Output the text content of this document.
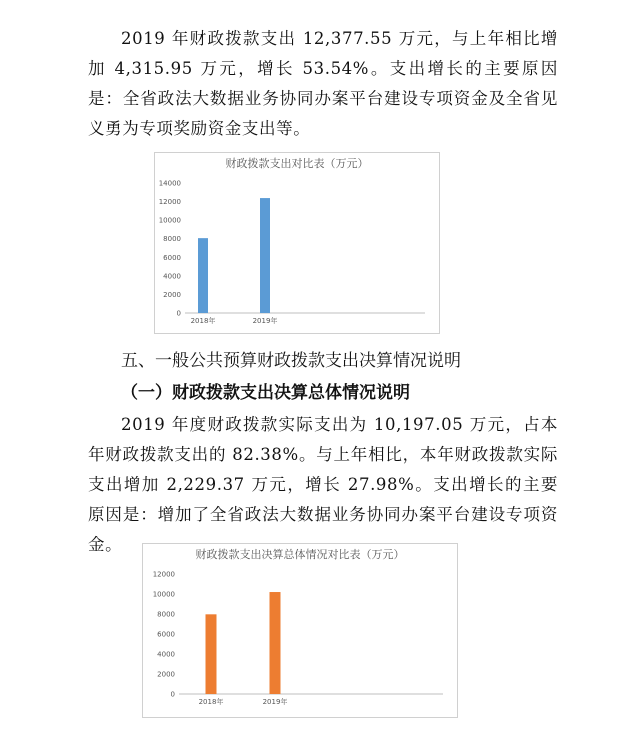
2019 年财政拨款支出 12,377.55 万元，与上年相比增加 4,315.95 万元，增长 53.54%。支出增长的主要原因是：全省政法大数据业务协同办案平台建设专项资金及全省见义勇为专项奖励资金支出等。

财政拨款支出对比表（万元）
0
2000
4000
6000
8000
10000
12000
14000
2018年	2019年

五、一般公共预算财政拨款支出决算情况说明

（一）财政拨款支出决算总体情况说明

2019 年度财政拨款实际支出为 10,197.05 万元，占本年财政拨款支出的 82.38%。与上年相比，本年财政拨款实际支出增加 2,229.37 万元，增长 27.98%。支出增长的主要原因是：增加了全省政法大数据业务协同办案平台建设专项资金。

财政拨款支出决算总体情况对比表（万元）
0
2000
4000
6000
8000
10000
12000
2018年	2019年
